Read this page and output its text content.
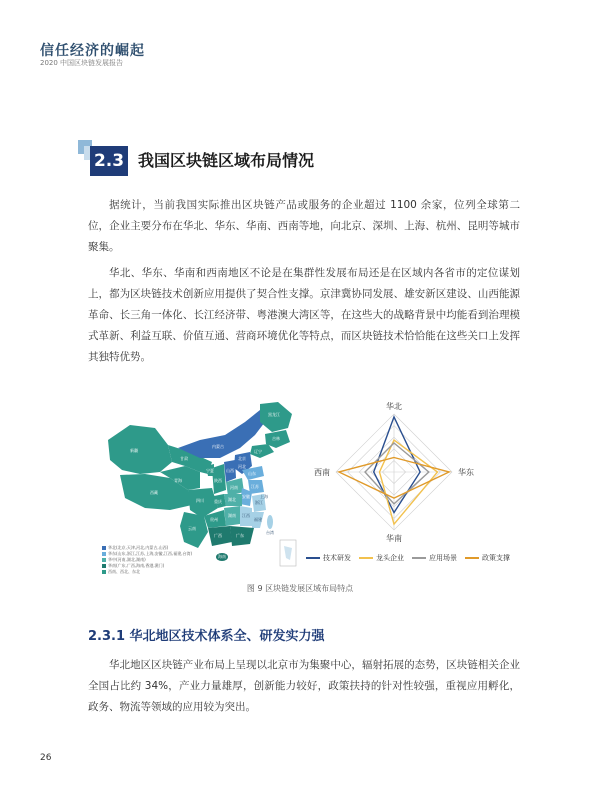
信任经济的崛起
2020 中国区块链发展报告
2.3 我国区块链区域布局情况
据统计，当前我国实际推出区块链产品或服务的企业超过 1100 余家，位列全球第二位，企业主要分布在华北、华东、华南、西南等地，向北京、深圳、上海、杭州、昆明等城市聚集。
华北、华东、华南和西南地区不论是在集群性发展布局还是在区域内各省市的定位谋划上，都为区块链技术创新应用提供了契合性支撑。京津冀协同发展、雄安新区建设、山西能源革命、长三角一体化、长江经济带、粤港澳大湾区等，在这些大的战略背景中均能看到治理模式革新、利益互联、价值互通、营商环境优化等特点，而区块链技术恰恰能在这些关口上发挥其独特优势。
新疆
西藏
青海
甘肃
内蒙古
黑龙江
吉林
辽宁
北京
河北
山西
宁夏
山东
陕西
河南	江苏
安徽
四川	重庆 湖北
湖南
贵州
云南
广西	广东
海南
上海
浙江
江西
福建
台湾
华北(北京,天津,河北,内蒙古,山西)
华东(山东,浙江,江苏,上海,安徽,江西,福建,台湾)
华中(河南,湖北,湖南)
华南(广东,广西,海南,香港,澳门)
西南、西北、东北
华北
华东
华南
西南
技术研发	龙头企业	应用场景	政策支撑
图 9 区块链发展区域布局特点
2.3.1 华北地区技术体系全、研发实力强
华北地区区块链产业布局上呈现以北京市为集聚中心，辐射拓展的态势，区块链相关企业全国占比约 34%，产业力量雄厚，创新能力较好，政策扶持的针对性较强，重视应用孵化，政务、物流等领域的应用较为突出。
26
